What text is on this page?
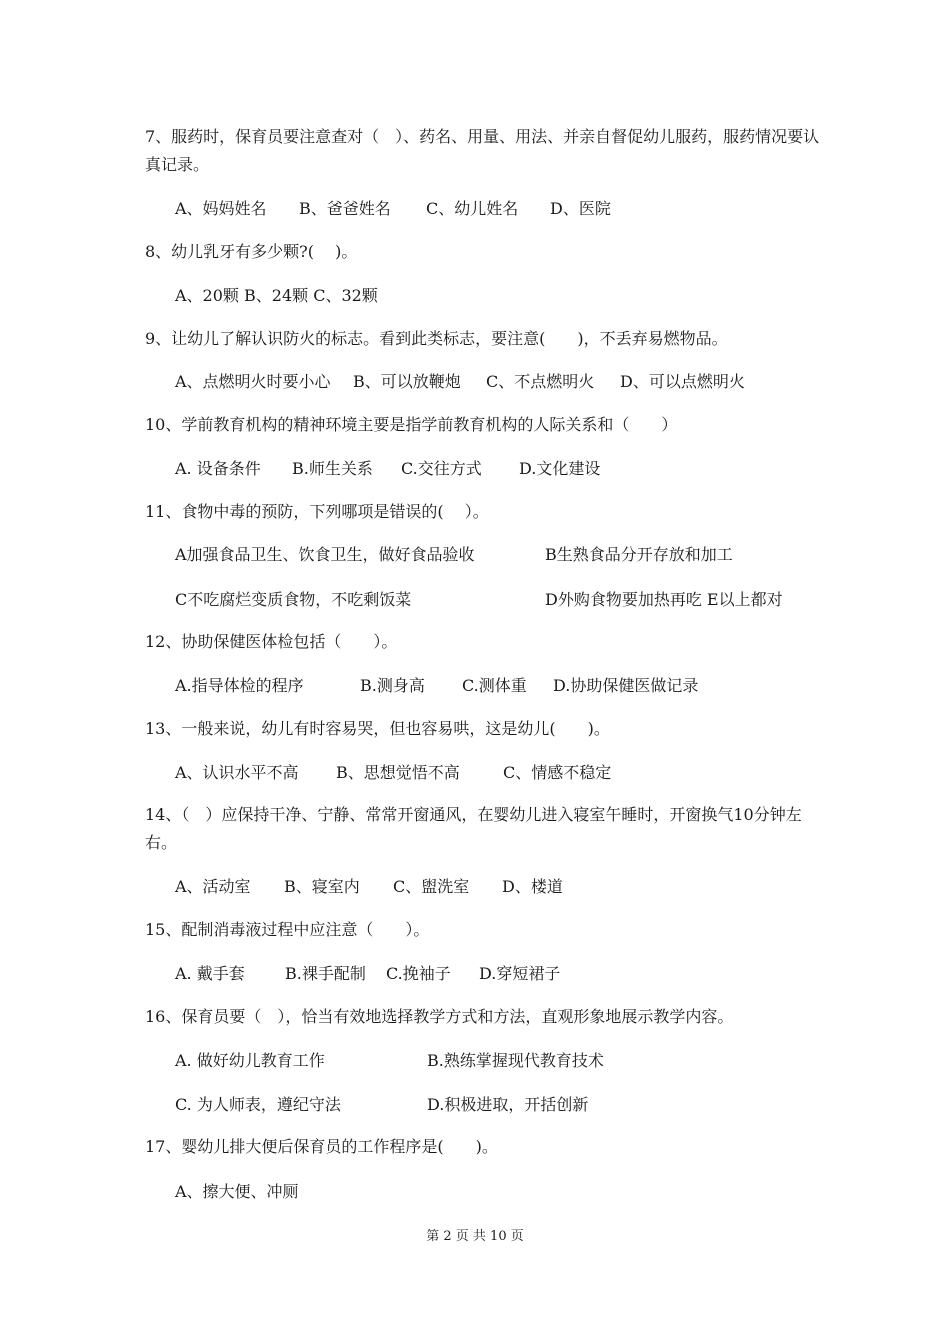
7、服药时，保育员要注意查对（　）、药名、用量、用法、并亲自督促幼儿服药，服药情况要认真记录。

A、妈妈姓名 B、爸爸姓名 C、幼儿姓名 D、医院

8、幼儿乳牙有多少颗?(　 )。

A、20颗 B、24颗 C、32颗

9、让幼儿了解认识防火的标志。看到此类标志，要注意(　　)，不丢弃易燃物品。

A、点燃明火时要小心 B、可以放鞭炮 C、不点燃明火 D、可以点燃明火

10、学前教育机构的精神环境主要是指学前教育机构的人际关系和（　　）

A. 设备条件 B.师生关系 C.交往方式 D.文化建设

11、食物中毒的预防，下列哪项是错误的(　 ）。

A加强食品卫生、饮食卫生，做好食品验收	B生熟食品分开存放和加工
C不吃腐烂变质食物，不吃剩饭菜	D外购食物要加热再吃 E以上都对

12、协助保健医体检包括（　　）。

A.指导体检的程序	B.测身高 C.测体重 D.协助保健医做记录

13、一般来说，幼儿有时容易哭，但也容易哄，这是幼儿(　　)。

A、认识水平不高 B、思想觉悟不高	C、情感不稳定

14、（　）应保持干净、宁静、常常开窗通风，在婴幼儿进入寝室午睡时，开窗换气10分钟左右。

A、活动室 B、寝室内 C、盥洗室 D、楼道

15、配制消毒液过程中应注意（　　）。

A. 戴手套	B.裸手配制 C.挽袖子 D.穿短裙子

16、保育员要（　），恰当有效地选择教学方式和方法，直观形象地展示教学内容。

A. 做好幼儿教育工作	B.熟练掌握现代教育技术
C. 为人师表，遵纪守法	D.积极进取，开括创新

17、婴幼儿排大便后保育员的工作程序是(　　)。

A、擦大便、冲厕
第 2 页 共 10 页
